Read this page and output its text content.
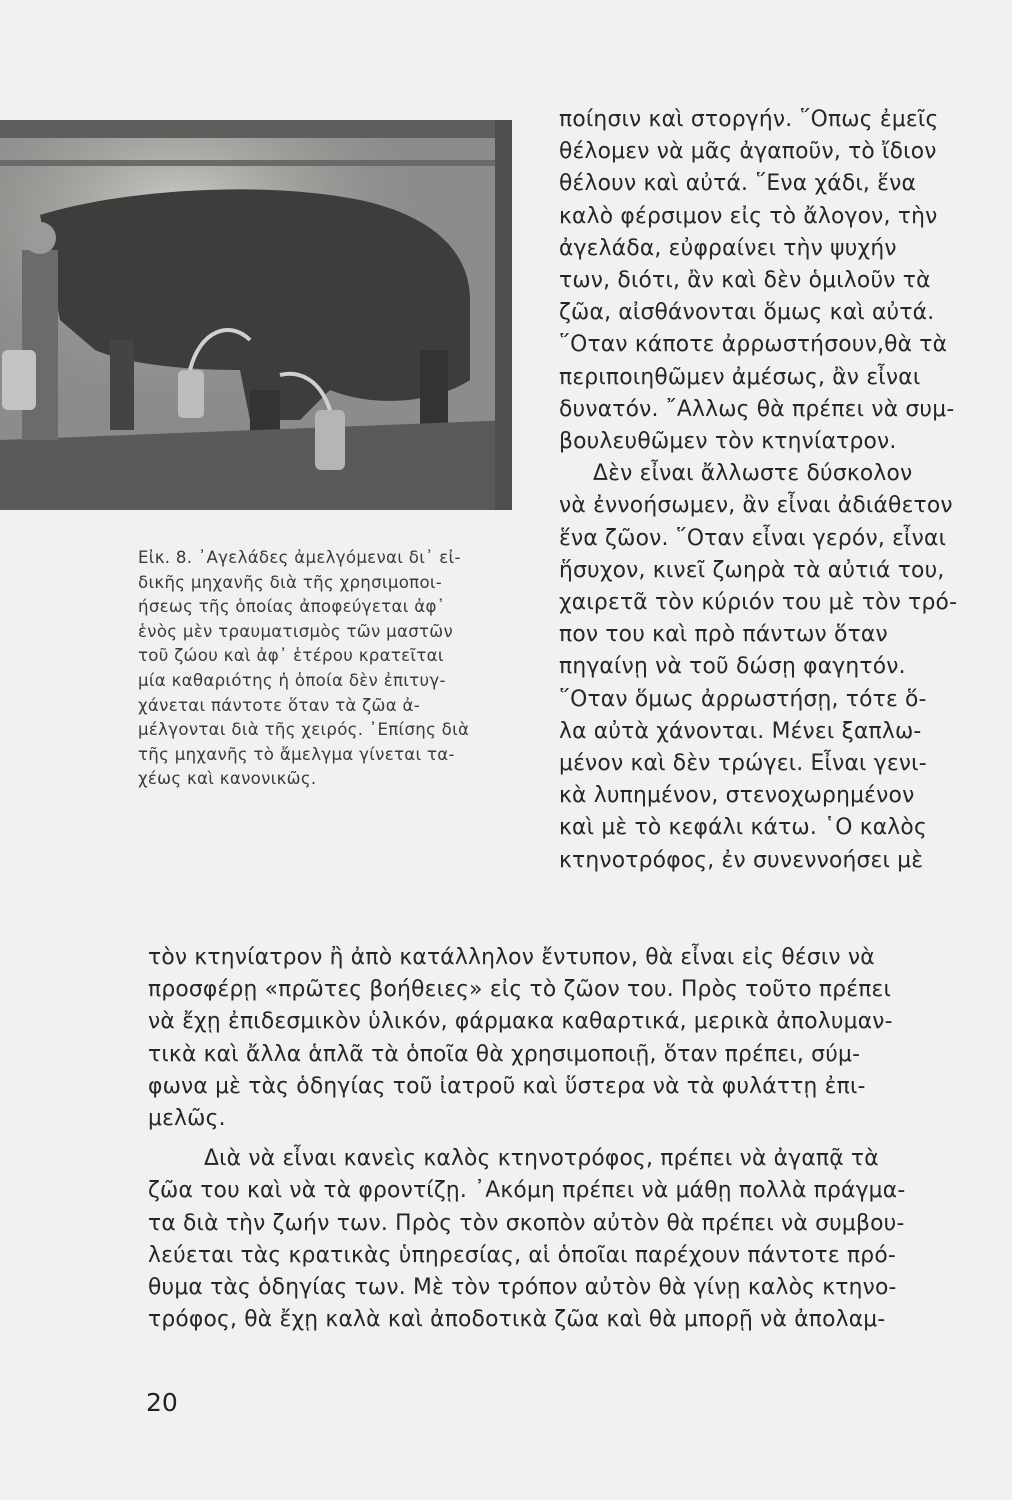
Εἰκ. 8. ᾿Αγελάδες ἀμελγόμεναι δι᾿ εἰ-
δικῆς μηχανῆς διὰ τῆς χρησιμοποι-
ήσεως τῆς ὁποίας ἀποφεύγεται ἀφ᾿
ἑνὸς μὲν τραυματισμὸς τῶν μαστῶν
τοῦ ζώου καὶ ἀφ᾿ ἑτέρου κρατεῖται
μία καθαριότης ἡ ὁποία δὲν ἐπιτυγ-
χάνεται πάντοτε ὅταν τὰ ζῶα ἀ-
μέλγονται διὰ τῆς χειρός. ᾿Επίσης διὰ
τῆς μηχανῆς τὸ ἄμελγμα γίνεται τα-
χέως καὶ κανονικῶς.
ποίησιν καὶ στοργήν. ῞Οπως ἐμεῖς
θέλομεν νὰ μᾶς ἀγαποῦν, τὸ ἴδιον
θέλουν καὶ αὐτά. ῞Ενα χάδι, ἕνα
καλὸ φέρσιμον εἰς τὸ ἄλογον, τὴν
ἀγελάδα, εὐφραίνει τὴν ψυχήν
των, διότι, ἂν καὶ δὲν ὁμιλοῦν τὰ
ζῶα, αἰσθάνονται ὅμως καὶ αὐτά.
῞Οταν κάποτε ἀρρωστήσουν,θὰ τὰ
περιποιηθῶμεν ἀμέσως, ἂν εἶναι
δυνατόν. ῎Αλλως θὰ πρέπει νὰ συμ-
βουλευθῶμεν τὸν κτηνίατρον.
Δὲν εἶναι ἄλλωστε δύσκολον
νὰ ἐννοήσωμεν, ἂν εἶναι ἀδιάθετον
ἕνα ζῶον. ῞Οταν εἶναι γερόν, εἶναι
ἥσυχον, κινεῖ ζωηρὰ τὰ αὐτιά του,
χαιρετᾶ τὸν κύριόν του μὲ τὸν τρό-
πον του καὶ πρὸ πάντων ὅταν
πηγαίνῃ νὰ τοῦ δώσῃ φαγητόν.
῞Οταν ὅμως ἀρρωστήσῃ, τότε ὅ-
λα αὐτὰ χάνονται. Μένει ξαπλω-
μένον καὶ δὲν τρώγει. Εἶναι γενι-
κὰ λυπημένον, στενοχωρημένον
καὶ μὲ τὸ κεφάλι κάτω. ῾Ο καλὸς
κτηνοτρόφος, ἐν συνεννοήσει μὲ
τὸν κτηνίατρον ἢ ἀπὸ κατάλληλον ἔντυπον, θὰ εἶναι εἰς θέσιν νὰ
προσφέρῃ «πρῶτες βοήθειες» εἰς τὸ ζῶον του. Πρὸς τοῦτο πρέπει
νὰ ἔχῃ ἐπιδεσμικὸν ὑλικόν, φάρμακα καθαρτικά, μερικὰ ἀπολυμαν-
τικὰ καὶ ἄλλα ἁπλᾶ τὰ ὁποῖα θὰ χρησιμοποιῇ, ὅταν πρέπει, σύμ-
φωνα μὲ τὰς ὁδηγίας τοῦ ἰατροῦ καὶ ὕστερα νὰ τὰ φυλάττῃ ἐπι-
μελῶς.
Διὰ νὰ εἶναι κανεὶς καλὸς κτηνοτρόφος, πρέπει νὰ ἀγαπᾷ τὰ
ζῶα του καὶ νὰ τὰ φροντίζῃ. ᾿Ακόμη πρέπει νὰ μάθῃ πολλὰ πράγμα-
τα διὰ τὴν ζωήν των. Πρὸς τὸν σκοπὸν αὐτὸν θὰ πρέπει νὰ συμβου-
λεύεται τὰς κρατικὰς ὑπηρεσίας, αἱ ὁποῖαι παρέχουν πάντοτε πρό-
θυμα τὰς ὁδηγίας των. Μὲ τὸν τρόπον αὐτὸν θὰ γίνῃ καλὸς κτηνο-
τρόφος, θὰ ἔχῃ καλὰ καὶ ἀποδοτικὰ ζῶα καὶ θὰ μπορῇ νὰ ἀπολαμ-
20
